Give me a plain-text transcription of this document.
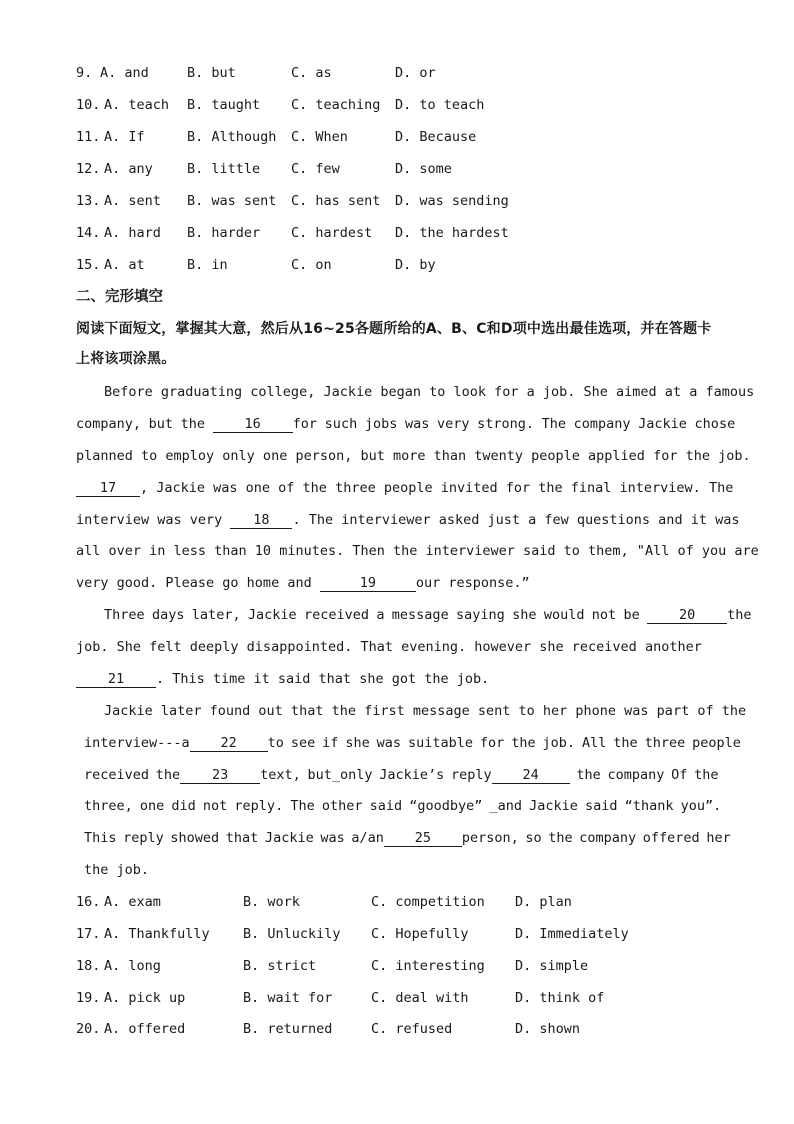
9. A. and	B. but	C. as	D. or
10. A. teach B. taught C. teaching D. to teach
11. A. If	B. Although C. When	D. Because
12. A. any	B. little C. few	D. some
13. A. sent B. was sent C. has sent D. was sending
14. A. hard B. harder C. hardest D. the hardest
15. A. at	B. in	C. on	D. by
二、完形填空
阅读下面短文，掌握其大意，然后从16~25各题所给的A、B、C和D项中选出最佳选项，并在答题卡上将该项涂黑。
Before graduating college, Jackie began to look for a job. She aimed at a famous
company, but the 16 for such jobs was very strong. The company Jackie chose
planned to employ only one person, but more than twenty people applied for the job.
17 , Jackie was one of the three people invited for the final interview. The
interview was very 18 . The interviewer asked just a few questions and it was
all over in less than 10 minutes. Then the interviewer said to them, "All of you are
very good. Please go home and	19	our response.”
Three days later, Jackie received a message saying she would not be 20 the
job. She felt deeply disappointed. That evening. however she received another
21 . This time it said that she got the job.
Jackie later found out that the first message sent to her phone was part of the
interview---a 22 to see if she was suitable for the job. All the three people
received the 23 text, but_only Jackie’s reply 24 the company Of the
three, one did not reply. The other said “goodbye” _and Jackie said “thank you”.
This reply showed that Jackie was a/an 25 person, so the company offered her
the job.
16. A. exam	B. work	C. competition D. plan
17. A. Thankfully B. Unluckily C. Hopefully	D. Immediately
18. A. long	B. strict	C. interesting D. simple
19. A. pick up	B. wait for	C. deal with	D. think of
20. A. offered	B. returned	C. refused	D. shown
